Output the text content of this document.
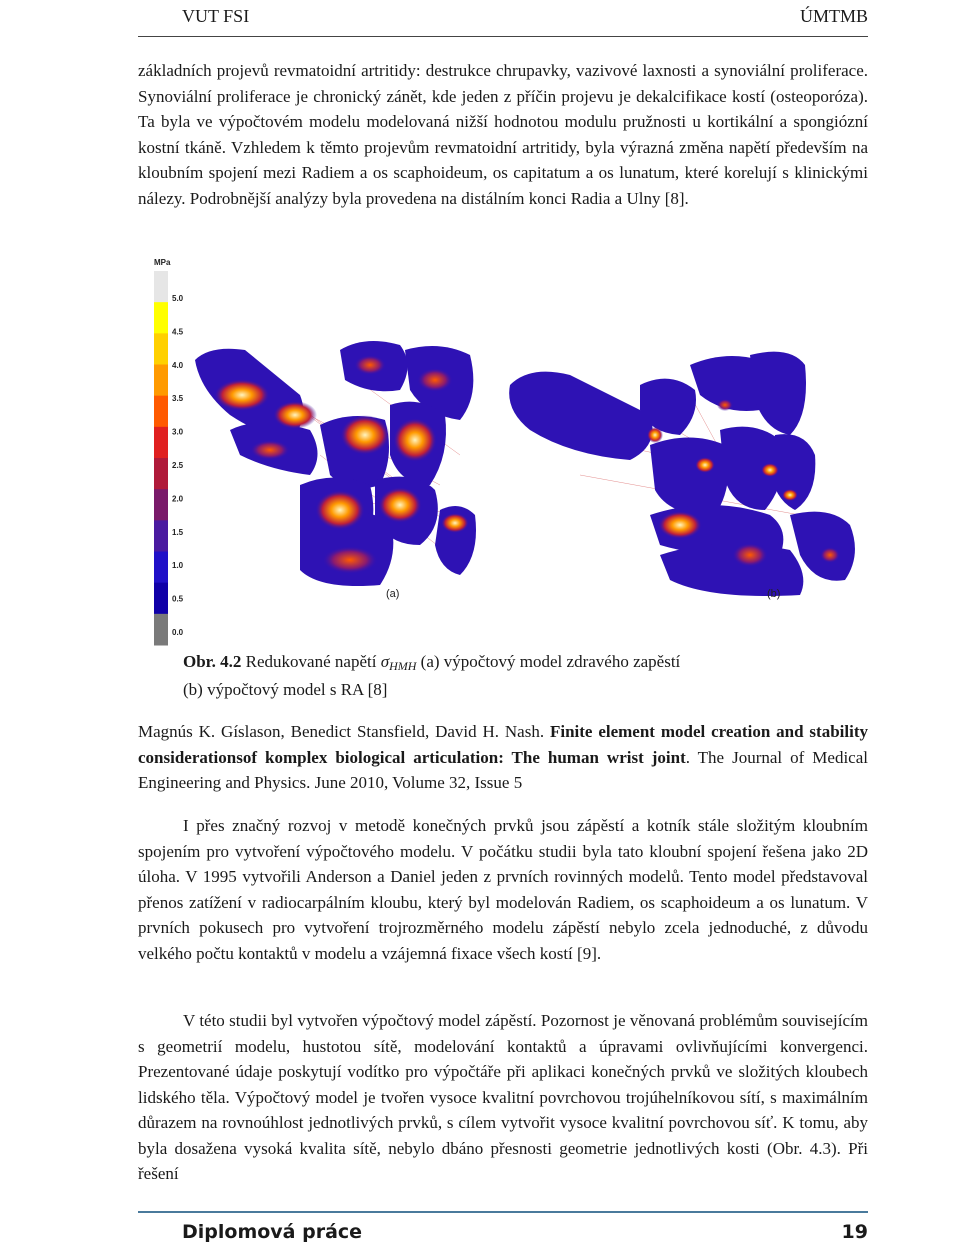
VUT FSI	ÚMTMB
základních projevů revmatoidní artritidy: destrukce chrupavky, vazivové laxnosti a synoviální proliferace. Synoviální proliferace je chronický zánět, kde jeden z příčin projevu je dekalcifikace kostí (osteoporóza). Ta byla ve výpočtovém modelu modelovaná nižší hodnotou modulu pružnosti u kortikální a spongiózní kostní tkáně. Vzhledem k těmto projevům revmatoidní artritidy, byla výrazná změna napětí především na kloubním spojení mezi Radiem a os scaphoideum, os capitatum a os lunatum, které korelují s klinickými nálezy. Podrobnější analýzy byla provedena na distálním konci Radia a Ulny [8].
MPa
5.0
4.5
4.0
3.5
3.0
2.5
2.0
1.5
1.0
0.5
0.0
(a)	(b)
Obr. 4.2 Redukované napětí $\sigma_{HMH}$ (a) výpočtový model zdravého zapěstí
(b) výpočtový model s RA [8]
Magnús K. Gíslason, Benedict Stansfield, David H. Nash. Finite element model creation and stability considerationsof komplex biological articulation: The human wrist joint. The Journal of Medical Engineering and Physics. June 2010, Volume 32, Issue 5
I přes značný rozvoj v metodě konečných prvků jsou zápěstí a kotník stále složitým kloubním spojením pro vytvoření výpočtového modelu. V počátku studii byla tato kloubní spojení řešena jako 2D úloha. V 1995 vytvořili Anderson a Daniel jeden z prvních rovinných modelů. Tento model představoval přenos zatížení v radiocarpálním kloubu, který byl modelován Radiem, os scaphoideum a os lunatum. V prvních pokusech pro vytvoření trojrozměrného modelu zápěstí nebylo zcela jednoduché, z důvodu velkého počtu kontaktů v modelu a vzájemná fixace všech kostí [9].
V této studii byl vytvořen výpočtový model zápěstí. Pozornost je věnovaná problémům souvisejícím s geometrií modelu, hustotou sítě, modelování kontaktů a úpravami ovlivňujícími konvergenci. Prezentované údaje poskytují vodítko pro výpočtáře při aplikaci konečných prvků ve složitých kloubech lidského těla. Výpočtový model je tvořen vysoce kvalitní povrchovou trojúhelníkovou sítí, s maximálním důrazem na rovnoúhlost jednotlivých prvků, s cílem vytvořit vysoce kvalitní povrchovou síť. K tomu, aby byla dosažena vysoká kvalita sítě, nebylo dbáno přesnosti geometrie jednotlivých kosti (Obr. 4.3). Při řešení
Diplomová práce	19
